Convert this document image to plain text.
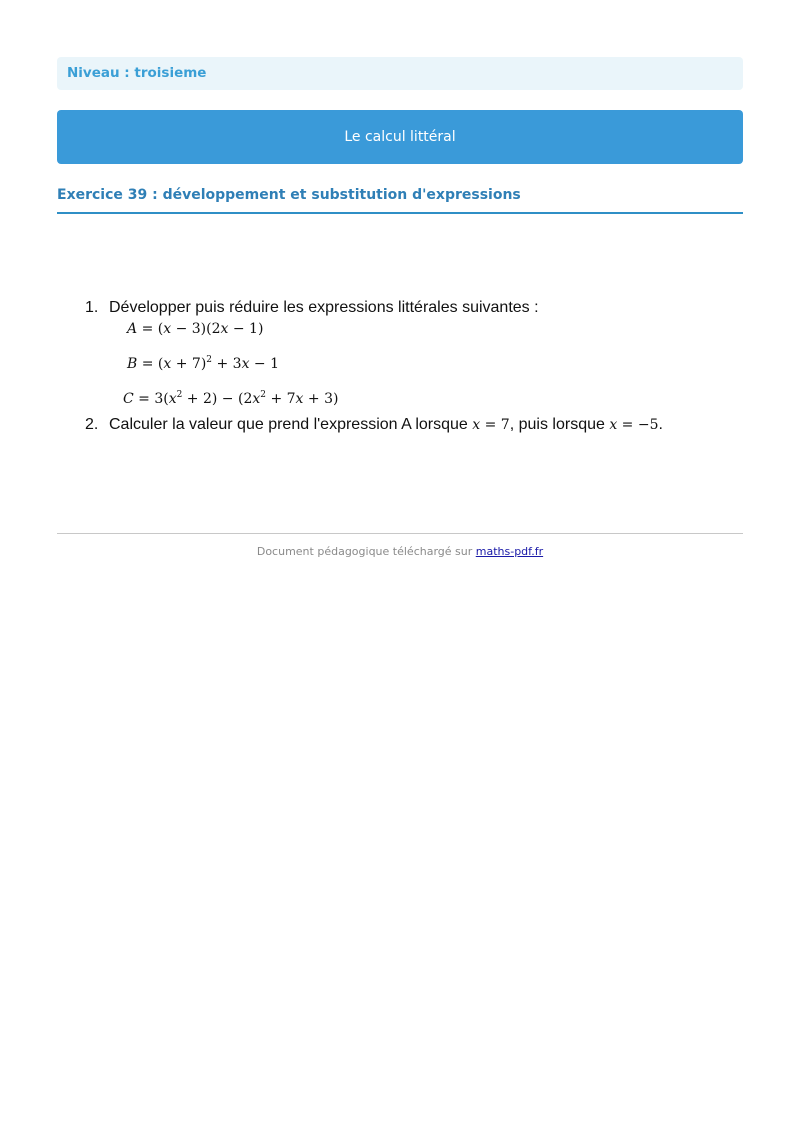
Niveau : troisieme
Le calcul littéral
Exercice 39 : développement et substitution d'expressions
1. Développer puis réduire les expressions littérales suivantes :
A = (x − 3)(2x − 1)
$B = (x + 7)^2 + 3x - 1$
$C = 3(x^2 + 2) - (2x^2 + 7x + 3)$
2. Calculer la valeur que prend l'expression A lorsque x = 7, puis lorsque x = −5.
Document pédagogique téléchargé sur maths-pdf.fr
